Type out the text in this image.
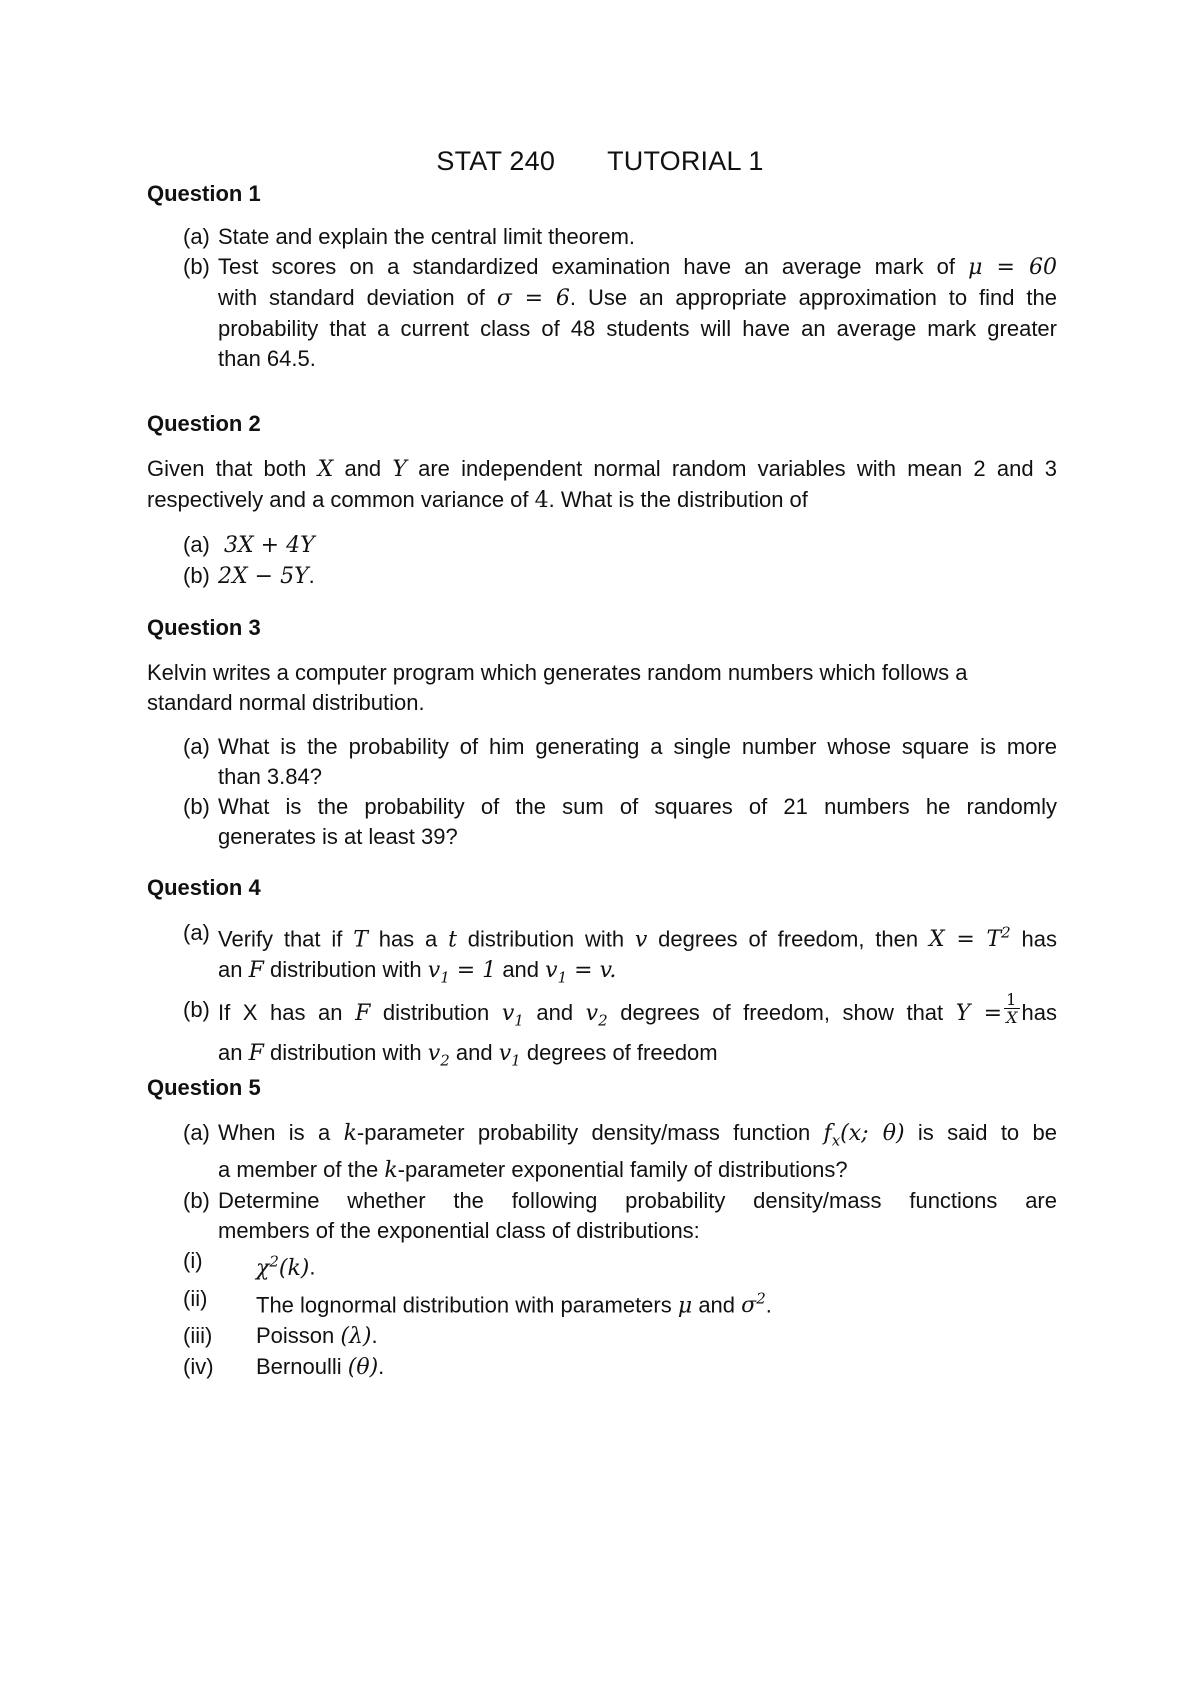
STAT 240 TUTORIAL 1
Question 1
(a) State and explain the central limit theorem.
(b) Test scores on a standardized examination have an average mark of μ = 60
with standard deviation of σ = 6. Use an appropriate approximation to find the
probability that a current class of 48 students will have an average mark greater
than 64.5.
Question 2
Given that both X and Y are independent normal random variables with mean 2 and 3
respectively and a common variance of 4. What is the distribution of
(a) 3X + 4Y
(b) 2X − 5Y.
Question 3
Kelvin writes a computer program which generates random numbers which follows a
standard normal distribution.
(a) What is the probability of him generating a single number whose square is more
than 3.84?
(b) What is the probability of the sum of squares of 21 numbers he randomly
generates is at least 39?
Question 4
(a) Verify that if T has a t distribution with v degrees of freedom, then $X = T^2$ has
an F distribution with $v_1 = 1$ and $v_1 = v$.
(b) If X has an F distribution $v_1$ and $v_2$ degrees of freedom, show that $Y = \frac{1}{X}$ has
an F distribution with $v_2$ and $v_1$ degrees of freedom
Question 5
(a) When is a k-parameter probability density/mass function $f_x(x$; θ) is said to be
a member of the k-parameter exponential family of distributions?
(b) Determine whether the following probability density/mass functions are
members of the exponential class of distributions:
(i) $\chi^2(k)$.
(ii) The lognormal distribution with parameters μ and $\sigma^2$.
(iii) Poisson (λ).
(iv) Bernoulli (θ).
